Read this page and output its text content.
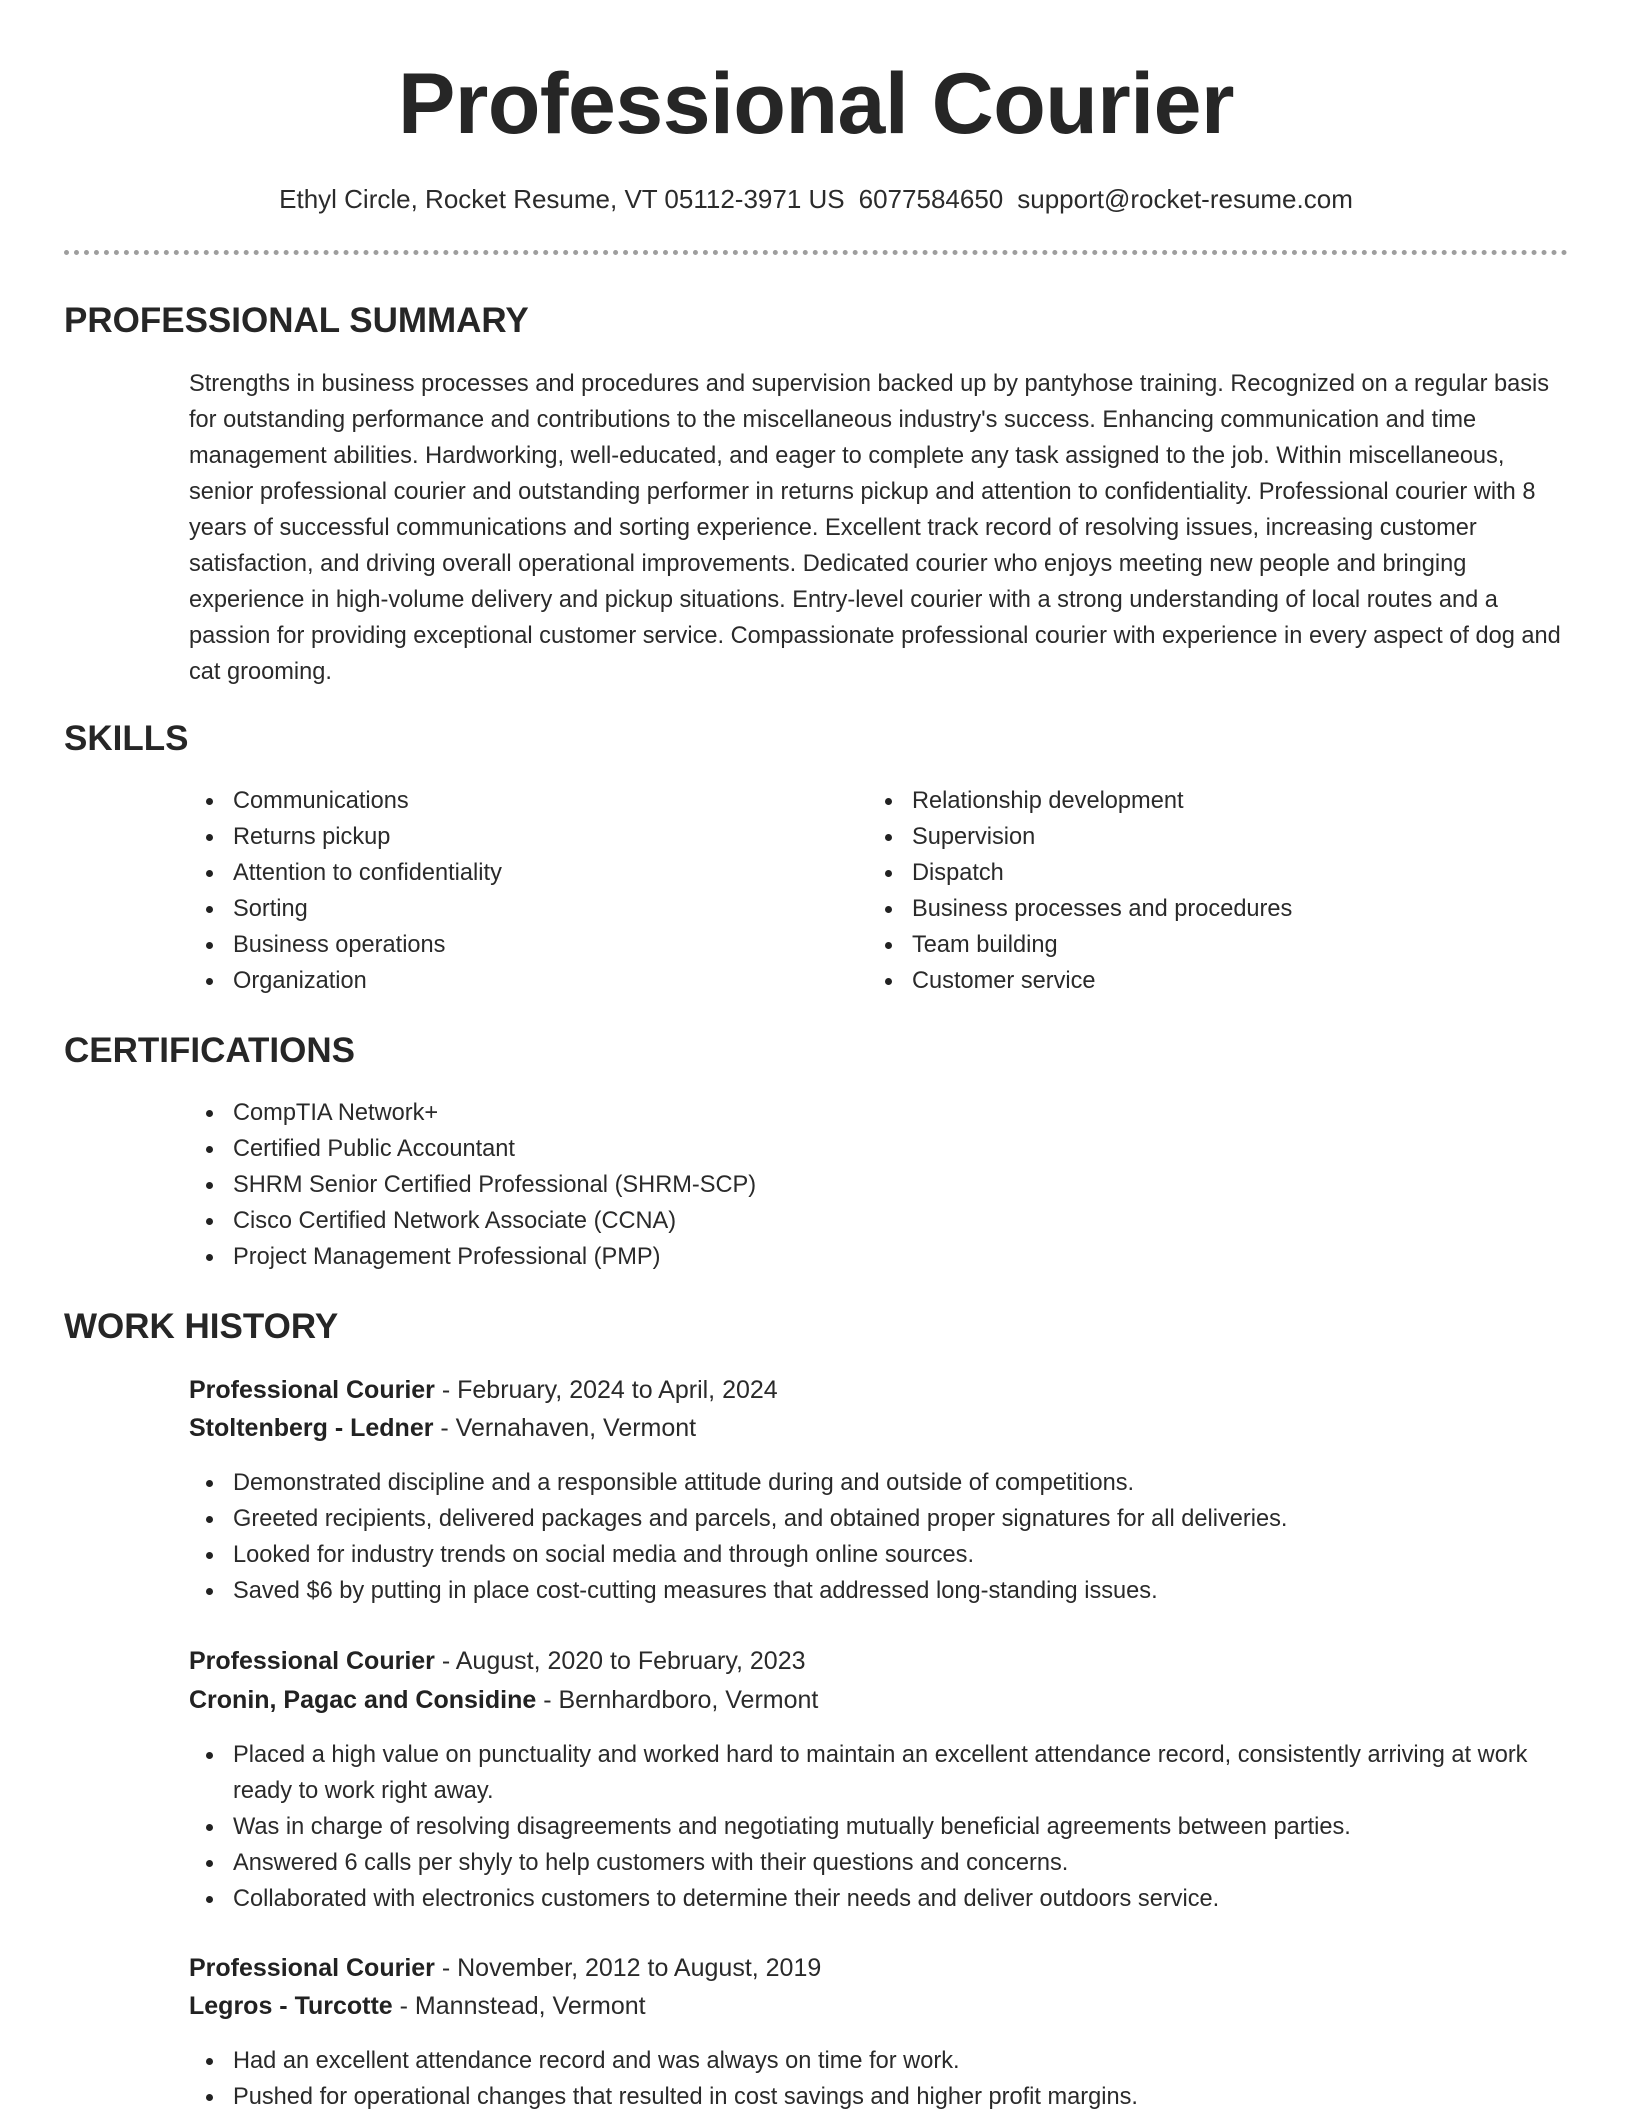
Professional Courier
Ethyl Circle, Rocket Resume, VT 05112-3971 US 6077584650 support@rocket-resume.com
PROFESSIONAL SUMMARY

Strengths in business processes and procedures and supervision backed up by pantyhose training. Recognized on a regular basis for outstanding performance and contributions to the miscellaneous industry's success. Enhancing communication and time management abilities. Hardworking, well-educated, and eager to complete any task assigned to the job. Within miscellaneous, senior professional courier and outstanding performer in returns pickup and attention to confidentiality. Professional courier with 8 years of successful communications and sorting experience. Excellent track record of resolving issues, increasing customer satisfaction, and driving overall operational improvements. Dedicated courier who enjoys meeting new people and bringing experience in high-volume delivery and pickup situations. Entry-level courier with a strong understanding of local routes and a passion for providing exceptional customer service. Compassionate professional courier with experience in every aspect of dog and cat grooming.

SKILLS
Communications
Returns pickup
Attention to confidentiality
Sorting
Business operations
Organization
Relationship development
Supervision
Dispatch
Business processes and procedures
Team building
Customer service
CERTIFICATIONS
CompTIA Network+
Certified Public Accountant
SHRM Senior Certified Professional (SHRM-SCP)
Cisco Certified Network Associate (CCNA)
Project Management Professional (PMP)
WORK HISTORY
Professional Courier - February, 2024 to April, 2024
Stoltenberg - Ledner - Vernahaven, Vermont
Demonstrated discipline and a responsible attitude during and outside of competitions.
Greeted recipients, delivered packages and parcels, and obtained proper signatures for all deliveries.
Looked for industry trends on social media and through online sources.
Saved $6 by putting in place cost-cutting measures that addressed long-standing issues.
Professional Courier - August, 2020 to February, 2023
Cronin, Pagac and Considine - Bernhardboro, Vermont
Placed a high value on punctuality and worked hard to maintain an excellent attendance record, consistently arriving at work ready to work right away.
Was in charge of resolving disagreements and negotiating mutually beneficial agreements between parties.
Answered 6 calls per shyly to help customers with their questions and concerns.
Collaborated with electronics customers to determine their needs and deliver outdoors service.
Professional Courier - November, 2012 to August, 2019
Legros - Turcotte - Mannstead, Vermont
Had an excellent attendance record and was always on time for work.
Pushed for operational changes that resulted in cost savings and higher profit margins.
